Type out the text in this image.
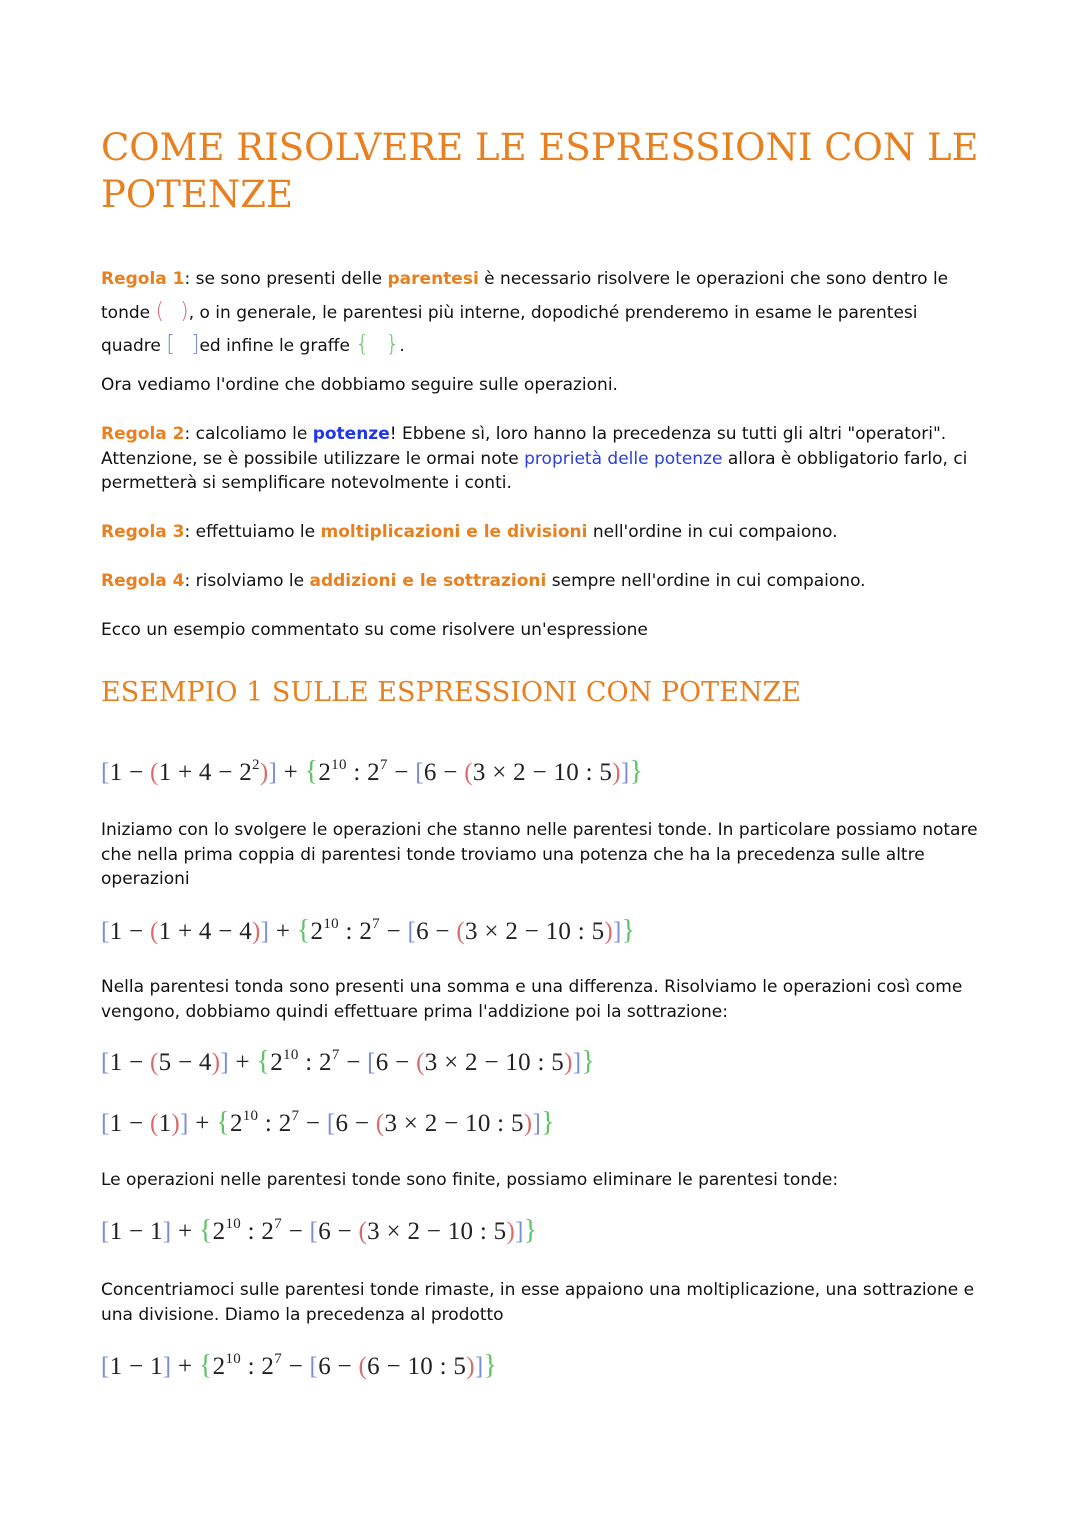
COME RISOLVERE LE ESPRESSIONI CON LE POTENZE

Regola 1: se sono presenti delle parentesi è necessario risolvere le operazioni che sono dentro le tonde ( ), o in generale, le parentesi più interne, dopodiché prenderemo in esame le parentesi quadre [ ]ed infine le graffe { }.

Ora vediamo l'ordine che dobbiamo seguire sulle operazioni.

Regola 2: calcoliamo le potenze! Ebbene sì, loro hanno la precedenza su tutti gli altri "operatori". Attenzione, se è possibile utilizzare le ormai note proprietà delle potenze allora è obbligatorio farlo, ci permetterà si semplificare notevolmente i conti.

Regola 3: effettuiamo le moltiplicazioni e le divisioni nell'ordine in cui compaiono.

Regola 4: risolviamo le addizioni e le sottrazioni sempre nell'ordine in cui compaiono.

Ecco un esempio commentato su come risolvere un'espressione

ESEMPIO 1 SULLE ESPRESSIONI CON POTENZE
$[1 - (1 + 4 - 2^2)] + \{2^{10}$ : $2^7 - [6 - (3 \times 2 - 10$ : 5)]}

Iniziamo con lo svolgere le operazioni che stanno nelle parentesi tonde. In particolare possiamo notare che nella prima coppia di parentesi tonde troviamo una potenza che ha la precedenza sulle altre operazioni

$[1 - (1 + 4 - 4)] + \{2^{10}$ : $2^7 - [6 - (3 \times 2 - 10$ : 5)]}

Nella parentesi tonda sono presenti una somma e una differenza. Risolviamo le operazioni così come vengono, dobbiamo quindi effettuare prima l'addizione poi la sottrazione:

$[1 - (5 - 4)] + \{2^{10}$ : $2^7 - [6 - (3 \times 2 - 10$ : 5)]}
$[1 - (1)] + \{2^{10}$ : $2^7 - [6 - (3 \times 2 - 10$ : 5)]}

Le operazioni nelle parentesi tonde sono finite, possiamo eliminare le parentesi tonde:

$[1 - 1] + \{2^{10}$ : $2^7 - [6 - (3 \times 2 - 10$ : 5)]}

Concentriamoci sulle parentesi tonde rimaste, in esse appaiono una moltiplicazione, una sottrazione e una divisione. Diamo la precedenza al prodotto

$[1 - 1] + \{2^{10}$ : $2^7 - [6 - (6 - 10$ : 5)]}
